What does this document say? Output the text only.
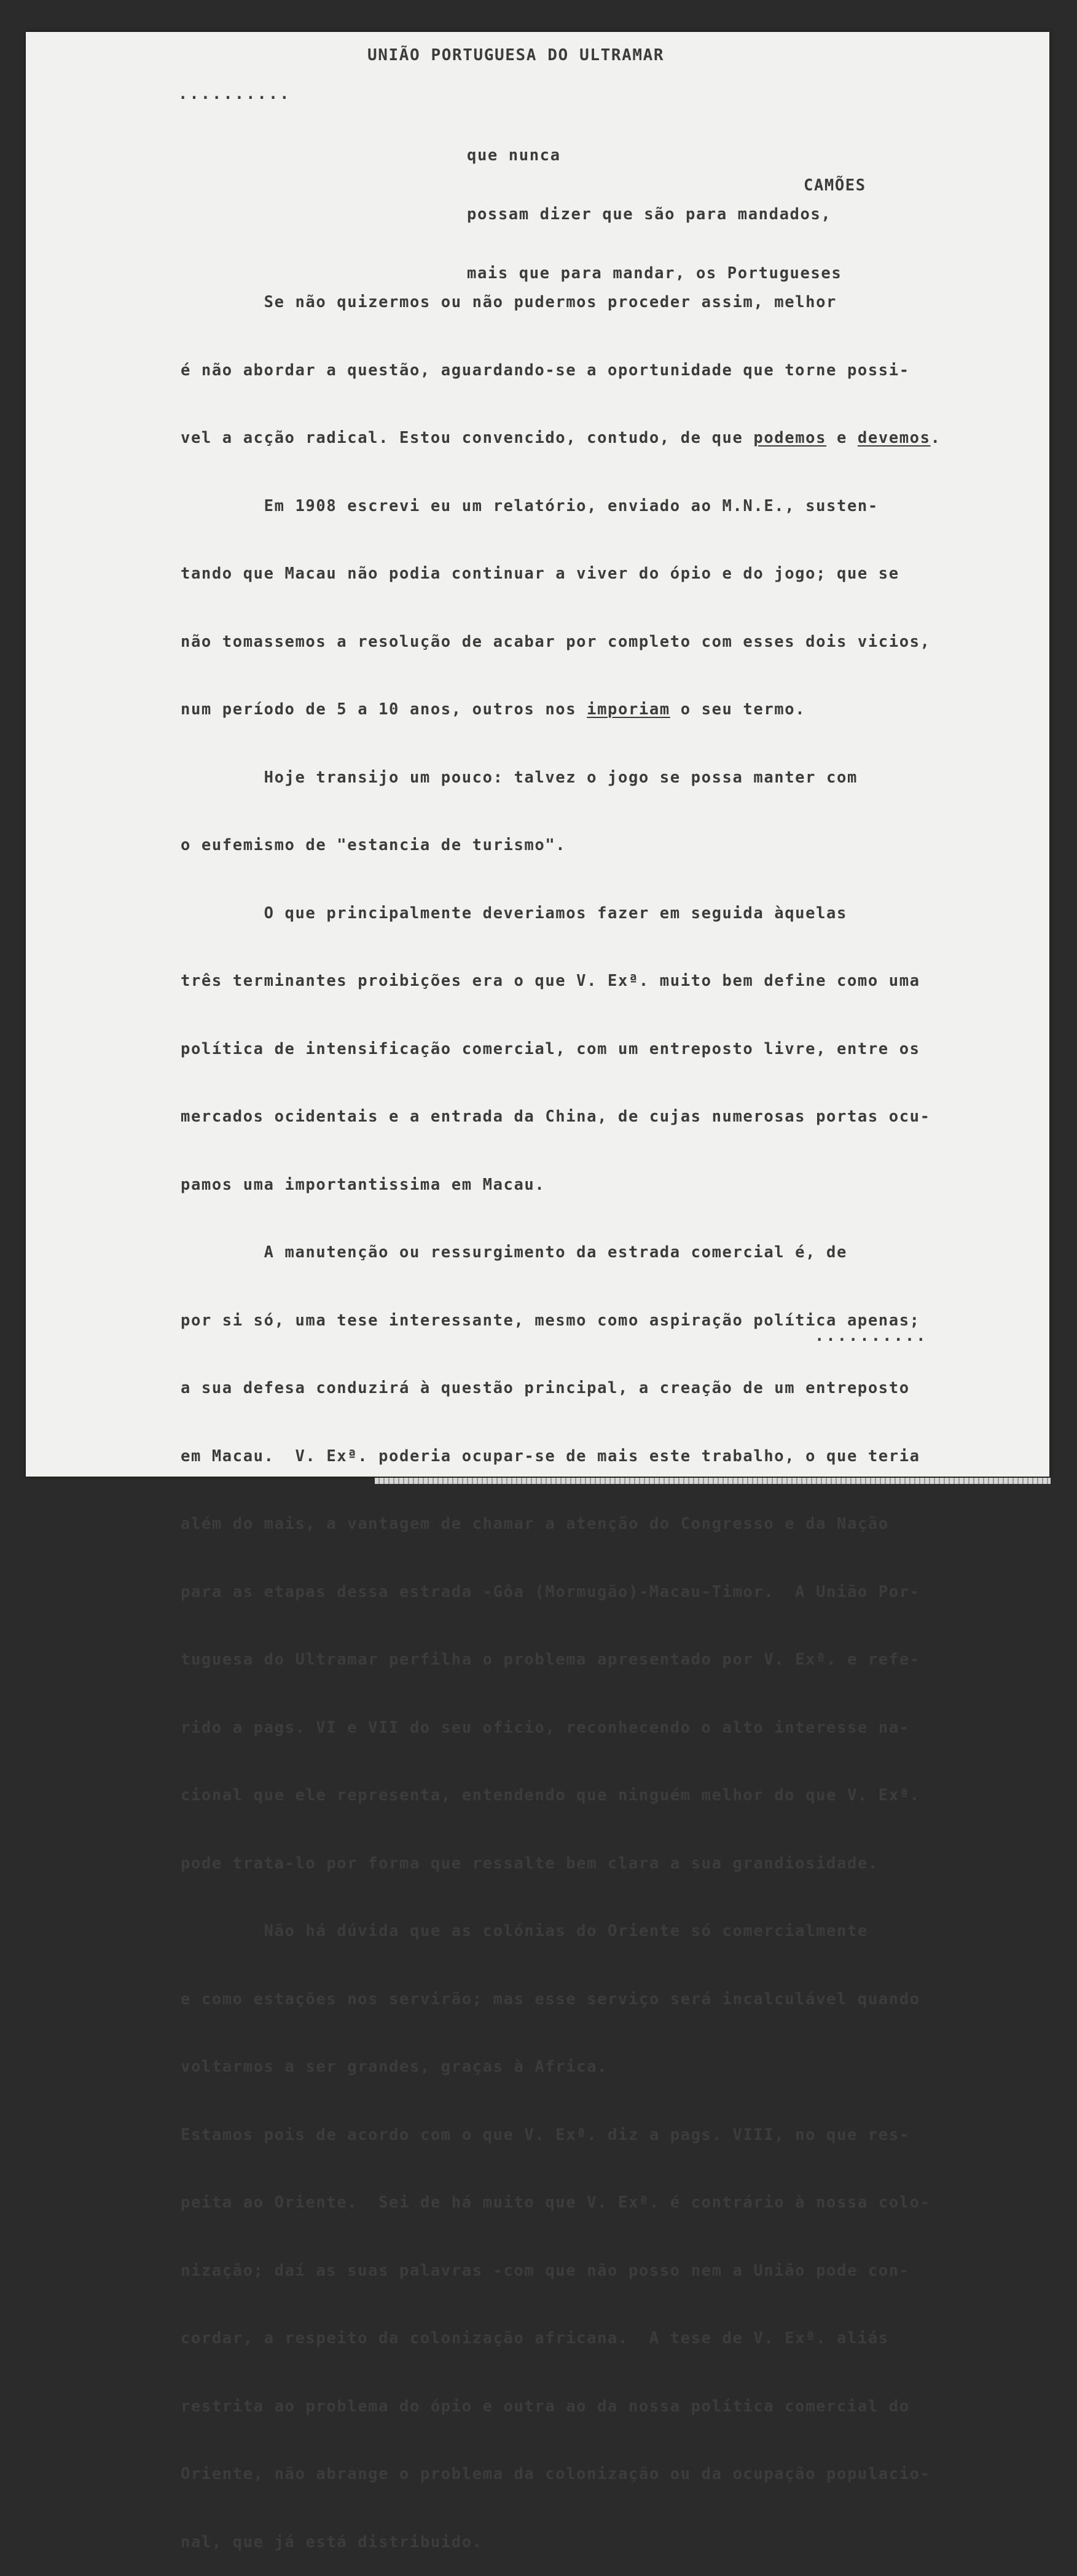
UNIÃO PORTUGUESA DO ULTRAMAR
..........

que nunca

possam dizer que são para mandados,

mais que para mandar, os Portugueses

CAMÕES

Se não quizermos ou não pudermos proceder assim, melhor

é não abordar a questão, aguardando-se a oportunidade que torne possi-

vel a acção radical. Estou convencido, contudo, de que podemos e devemos.

Em 1908 escrevi eu um relatório, enviado ao M.N.E., susten-

tando que Macau não podia continuar a viver do ópio e do jogo; que se

não tomassemos a resolução de acabar por completo com esses dois vicios,

num período de 5 a 10 anos, outros nos imporiam o seu termo.

Hoje transijo um pouco: talvez o jogo se possa manter com

o eufemismo de "estancia de turismo".

O que principalmente deveriamos fazer em seguida àquelas

três terminantes proibições era o que V. Exª. muito bem define como uma

política de intensificação comercial, com um entreposto livre, entre os

mercados ocidentais e a entrada da China, de cujas numerosas portas ocu-

pamos uma importantissima em Macau.

A manutenção ou ressurgimento da estrada comercial é, de

por si só, uma tese interessante, mesmo como aspiração política apenas;

a sua defesa conduzirá à questão principal, a creação de um entreposto

em Macau.  V. Exª. poderia ocupar-se de mais este trabalho, o que teria

além do mais, a vantagem de chamar a atenção do Congresso e da Nação

para as etapas dessa estrada -Gôa (Mormugão)-Macau-Timor.  A União Por-

tuguesa do Ultramar perfilha o problema apresentado por V. Exª. e refe-

rido a pags. VI e VII do seu oficio, reconhecendo o alto interesse na-

cional que ele representa, entendendo que ninguém melhor do que V. Exª.

pode trata-lo por forma que ressalte bem clara a sua grandiosidade.

Não há dúvida que as colónias do Oriente só comercialmente

e como estações nos servirão; mas esse serviço será incalculável quando

voltarmos a ser grandes, graças à Africa.

Estamos pois de acordo com o que V. Exª. diz a pags. VIII, no que res-

peita ao Oriente.  Sei de há muito que V. Exª. é contrário à nossa colo-

nização; daí as suas palavras -com que não posso nem a União pode con-

cordar, a respeito da colonização africana.  A tese de V. Exª. aliás

restrita ao problema do ópio e outra ao da nossa política comercial do

Oriente, não abrange o problema da colonização ou da ocupação populacio-

nal, que já está distribuido.

..........
